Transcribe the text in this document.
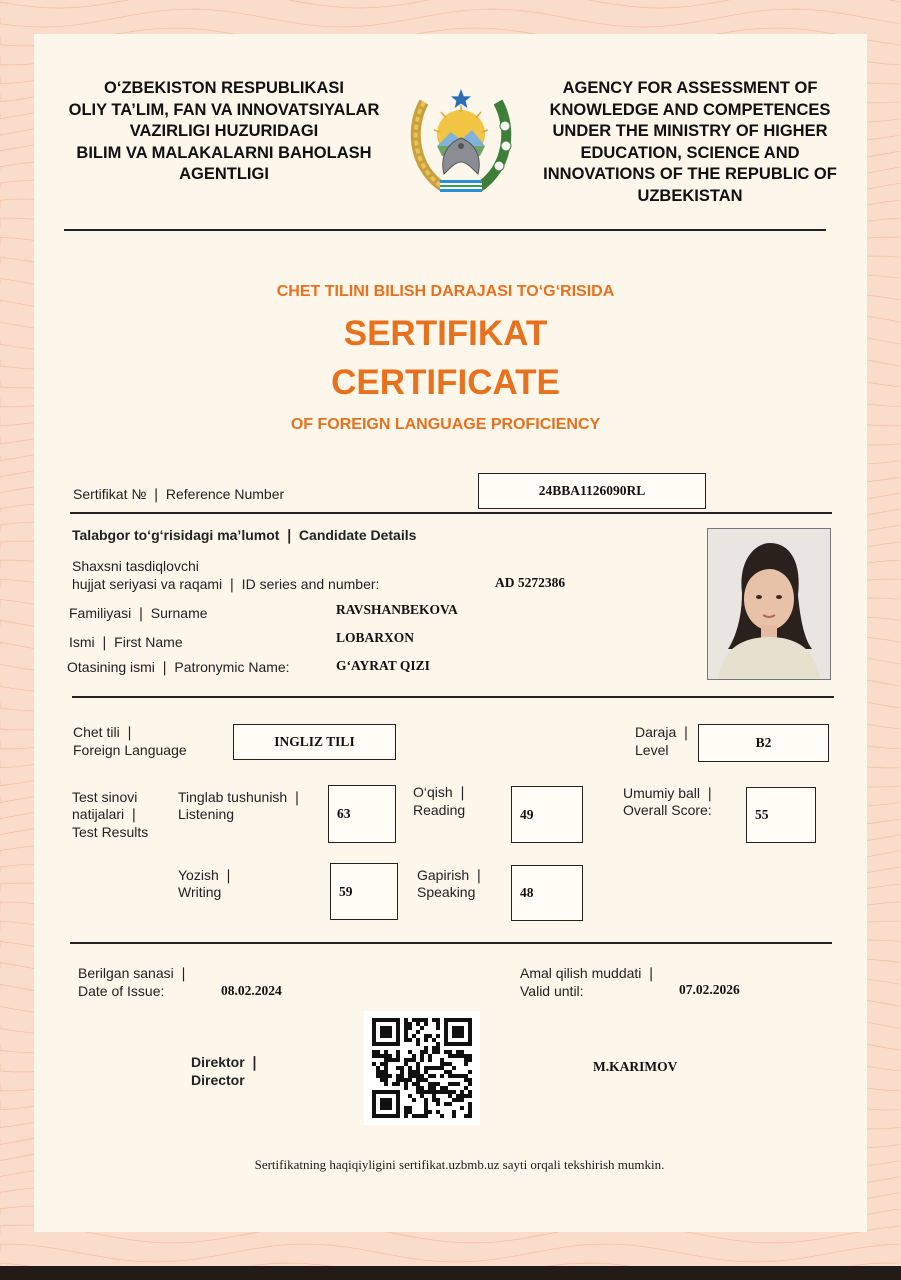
O‘ZBEKISTON RESPUBLIKASI
OLIY TA’LIM, FAN VA INNOVATSIYALAR
VAZIRLIGI HUZURIDAGI
BILIM VA MALAKALARNI BAHOLASH
AGENTLIGI
AGENCY FOR ASSESSMENT OF
KNOWLEDGE AND COMPETENCES
UNDER THE MINISTRY OF HIGHER
EDUCATION, SCIENCE AND
INNOVATIONS OF THE REPUBLIC OF
UZBEKISTAN
CHET TILINI BILISH DARAJASI TO‘G‘RISIDA
SERTIFIKAT
CERTIFICATE
OF FOREIGN LANGUAGE PROFICIENCY
Sertifikat № ❘ Reference Number	24BBA1126090RL
Talabgor to‘g‘risidagi ma’lumot ❘ Candidate Details
Shaxsni tasdiqlovchi
hujjat seriyasi va raqami ❘ ID series and number:	AD 5272386
Familiyasi ❘ Surname	RAVSHANBEKOVA
Ismi ❘ First Name	LOBARXON
Otasining ismi ❘ Patronymic Name:	G‘AYRAT QIZI
Chet tili ❘
Foreign Language
INGLIZ TILI
Daraja ❘
Level	B2
Test sinovi
natijalari ❘
Test Results
Tinglab tushunish ❘
Listening	63
O‘qish ❘
Reading	49
Umumiy ball ❘
Overall Score:	55
Yozish ❘
Writing	59
Gapirish ❘
Speaking	48
Berilgan sanasi ❘
Date of Issue:	08.02.2024
Amal qilish muddati ❘
Valid until:	07.02.2026
Direktor ❘
Director
M.KARIMOV
Sertifikatning haqiqiyligini sertifikat.uzbmb.uz sayti orqali tekshirish mumkin.
